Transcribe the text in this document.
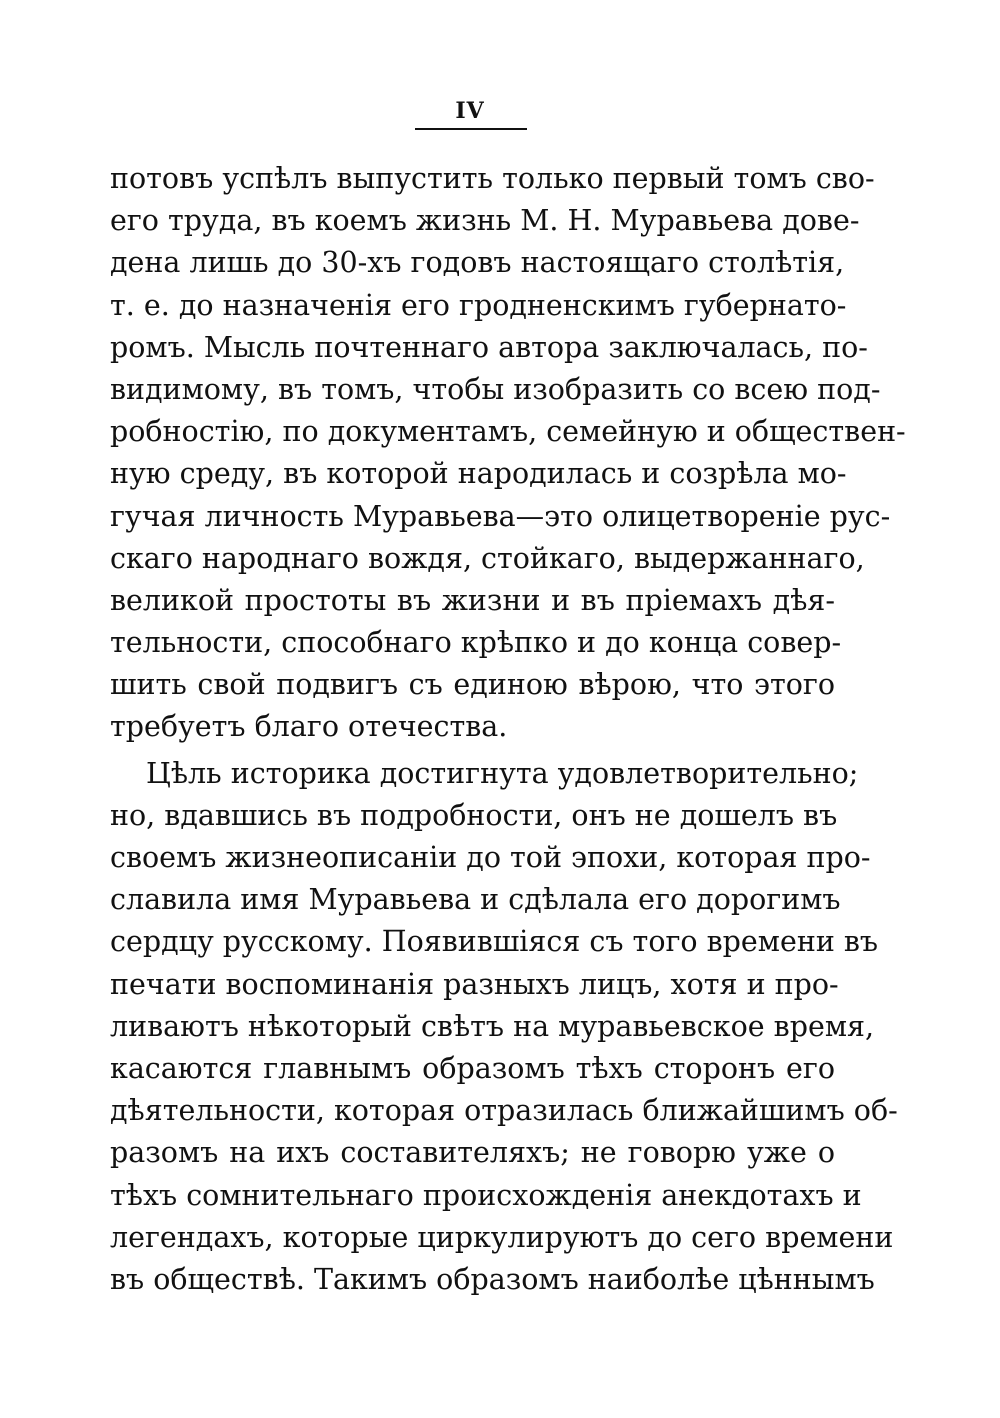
IV
потовъ успѣлъ выпустить только первый томъ сво-
его труда, въ коемъ жизнь М. Н. Муравьева дове-
дена лишь до 30-хъ годовъ настоящаго столѣтія,
т. е. до назначенія его гродненскимъ губернато-
ромъ. Мысль почтеннаго автора заключалась, по-
видимому, въ томъ, чтобы изобразить со всею под-
робностію, по документамъ, семейную и обществен-
ную среду, въ которой народилась и созрѣла мо-
гучая личность Муравьева—это олицетвореніе рус-
скаго народнаго вождя, стойкаго, выдержаннаго,
великой простоты въ жизни и въ пріемахъ дѣя-
тельности, способнаго крѣпко и до конца совер-
шить свой подвигъ съ единою вѣрою, что этого
требуетъ благо отечества.
Цѣль историка достигнута удовлетворительно;
но, вдавшись въ подробности, онъ не дошелъ въ
своемъ жизнеописаніи до той эпохи, которая про-
славила имя Муравьева и сдѣлала его дорогимъ
сердцу русскому. Появившіяся съ того времени въ
печати воспоминанія разныхъ лицъ, хотя и про-
ливаютъ нѣкоторый свѣтъ на муравьевское время,
касаются главнымъ образомъ тѣхъ сторонъ его
дѣятельности, которая отразилась ближайшимъ об-
разомъ на ихъ составителяхъ; не говорю уже о
тѣхъ сомнительнаго происхожденія анекдотахъ и
легендахъ, которые циркулируютъ до сего времени
въ обществѣ. Такимъ образомъ наиболѣе цѣннымъ
